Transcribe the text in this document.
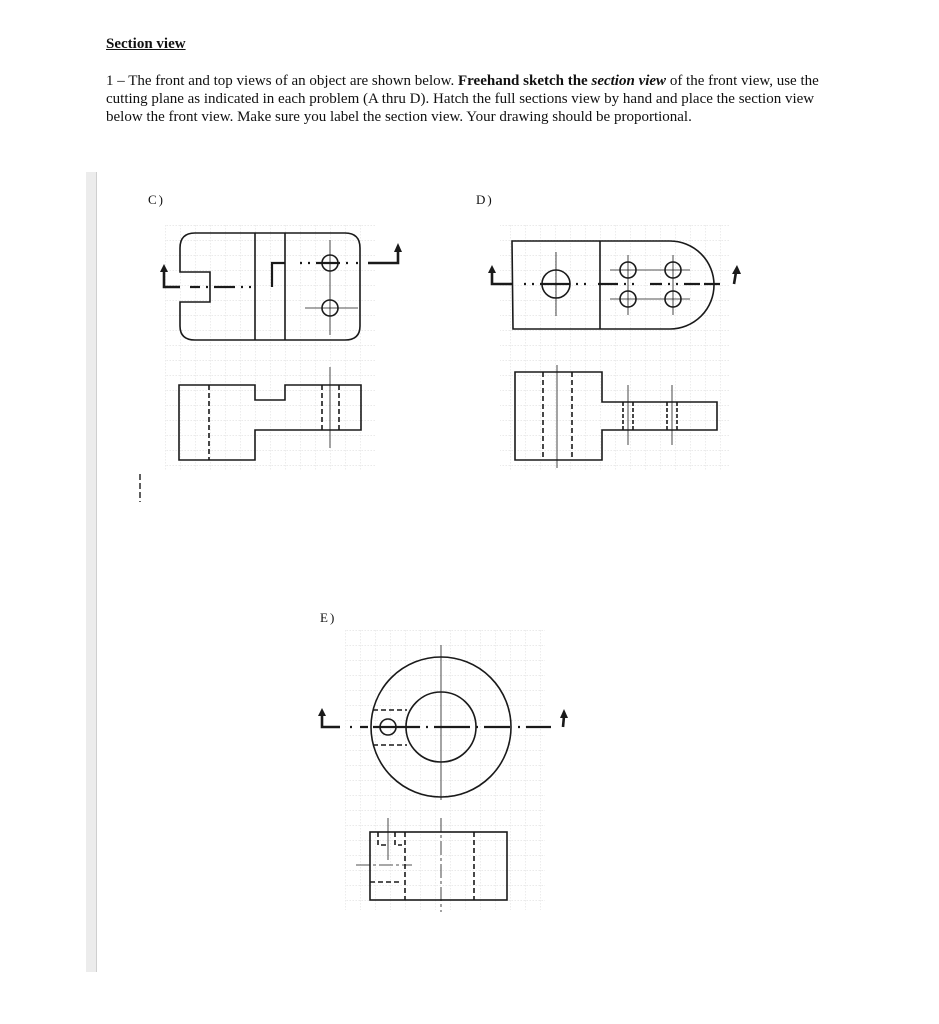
Section view
1 – The front and top views of an object are shown below. Freehand sketch the section view of the front view, use the cutting plane as indicated in each problem (A thru D). Hatch the full sections view by hand and place the section view below the front view. Make sure you label the section view. Your drawing should be proportional.
C)	D)
E)
